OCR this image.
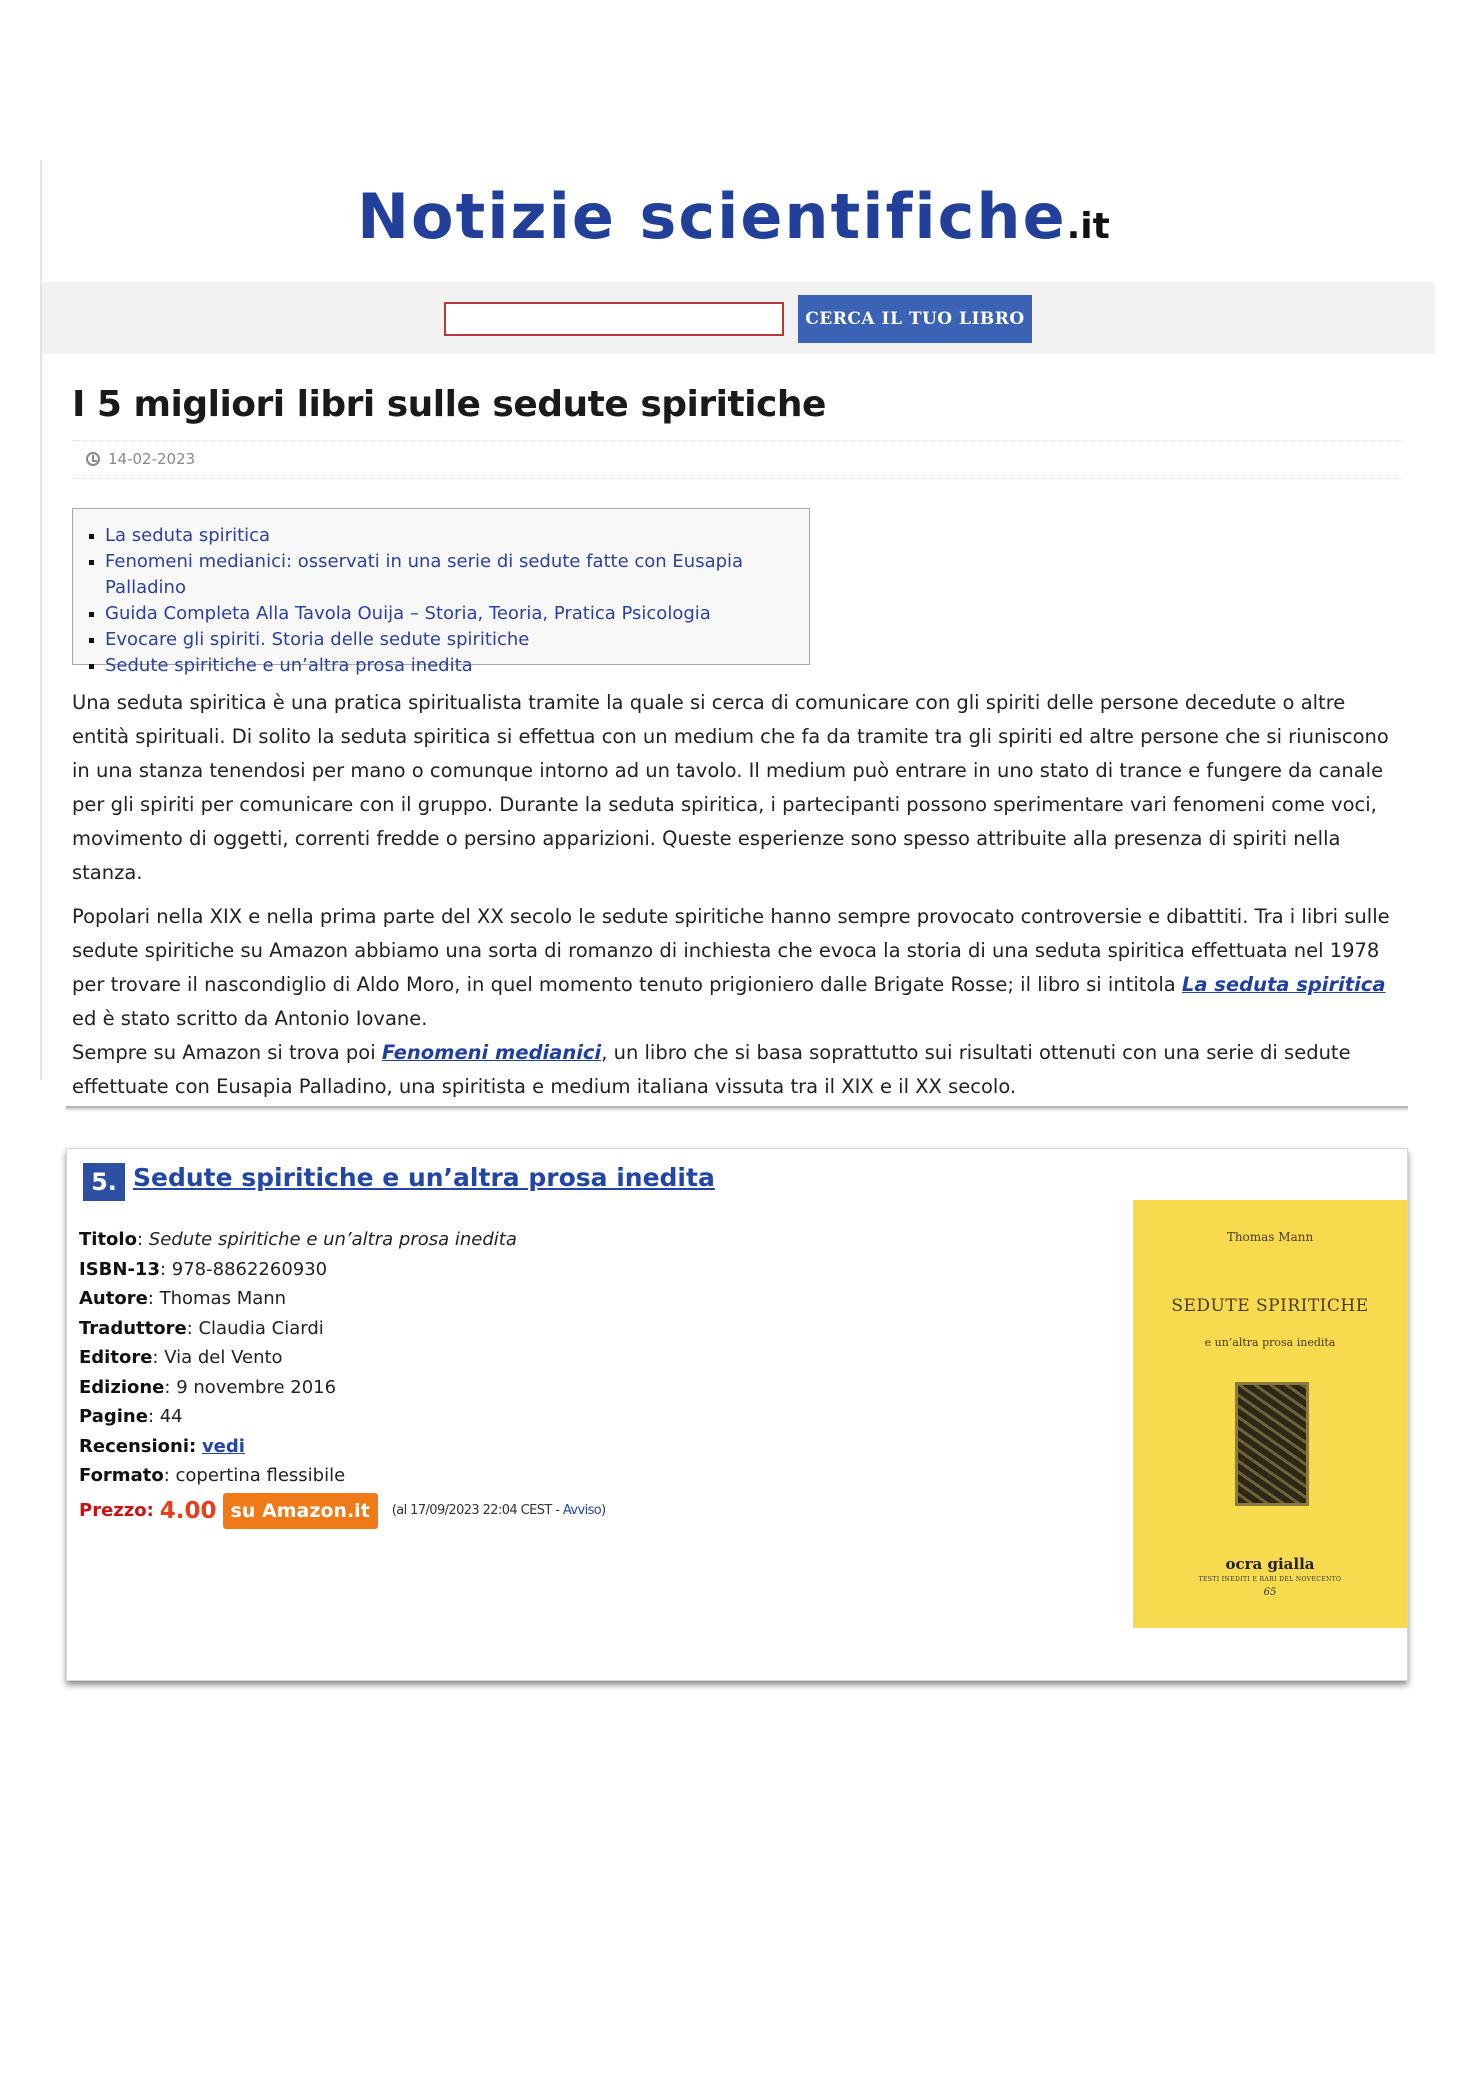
Notizie scientifiche.it
CERCA IL TUO LIBRO
I 5 migliori libri sulle sedute spiritiche
14-02-2023
La seduta spiritica
Fenomeni medianici: osservati in una serie di sedute fatte con Eusapia Palladino
Guida Completa Alla Tavola Ouija – Storia, Teoria, Pratica Psicologia
Evocare gli spiriti. Storia delle sedute spiritiche
Sedute spiritiche e un’altra prosa inedita

Una seduta spiritica è una pratica spiritualista tramite la quale si cerca di comunicare con gli spiriti delle persone decedute o altre entità spirituali. Di solito la seduta spiritica si effettua con un medium che fa da tramite tra gli spiriti ed altre persone che si riuniscono in una stanza tenendosi per mano o comunque intorno ad un tavolo. Il medium può entrare in uno stato di trance e fungere da canale per gli spiriti per comunicare con il gruppo. Durante la seduta spiritica, i partecipanti possono sperimentare vari fenomeni come voci, movimento di oggetti, correnti fredde o persino apparizioni. Queste esperienze sono spesso attribuite alla presenza di spiriti nella stanza.

Popolari nella XIX e nella prima parte del XX secolo le sedute spiritiche hanno sempre provocato controversie e dibattiti. Tra i libri sulle sedute spiritiche su Amazon abbiamo una sorta di romanzo di inchiesta che evoca la storia di una seduta spiritica effettuata nel 1978 per trovare il nascondiglio di Aldo Moro, in quel momento tenuto prigioniero dalle Brigate Rosse; il libro si intitola La seduta spiritica ed è stato scritto da Antonio Iovane.

Sempre su Amazon si trova poi Fenomeni medianici, un libro che si basa soprattutto sui risultati ottenuti con una serie di sedute effettuate con Eusapia Palladino, una spiritista e medium italiana vissuta tra il XIX e il XX secolo.

5. Sedute spiritiche e un’altra prosa inedita
Titolo: Sedute spiritiche e un’altra prosa inedita
ISBN-13: 978-8862260930
Autore: Thomas Mann
Traduttore: Claudia Ciardi
Editore: Via del Vento
Edizione: 9 novembre 2016
Pagine: 44
Recensioni: vedi
Formato: copertina flessibile
Prezzo: 4.00 su Amazon.it	(al 17/09/2023 22:04 CEST - Avviso)
Thomas Mann
SEDUTE SPIRITICHE
e un’altra prosa inedita
ocra gialla
TESTI INEDITI E RARI DEL NOVECENTO
65
